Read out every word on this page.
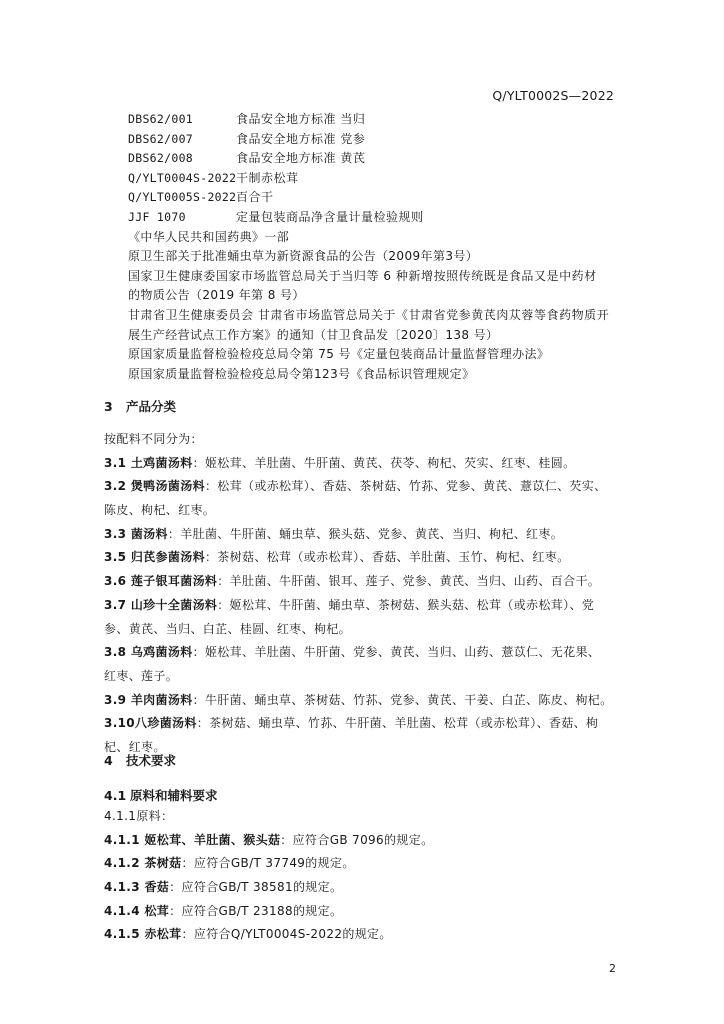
Q/YLT0002S—2022
DBS62/001	食品安全地方标准 当归
DBS62/007	食品安全地方标准 党参
DBS62/008	食品安全地方标准 黄芪
Q/YLT0004S-2022 干制赤松茸
Q/YLT0005S-2022 百合干
JJF 1070	定量包装商品净含量计量检验规则
《中华人民共和国药典》一部
原卫生部关于批准蛹虫草为新资源食品的公告（2009年第3号）
国家卫生健康委国家市场监管总局关于当归等 6 种新增按照传统既是食品又是中药材
的物质公告（2019 年第 8 号）
甘肃省卫生健康委员会 甘肃省市场监管总局关于《甘肃省党参黄芪肉苁蓉等食药物质开
展生产经营试点工作方案》的通知（甘卫食品发〔2020〕138 号）
原国家质量监督检验检疫总局令第 75 号《定量包装商品计量监督管理办法》
原国家质量监督检验检疫总局令第123号《食品标识管理规定》
3 产品分类
按配料不同分为：
3.1 土鸡菌汤料：姬松茸、羊肚菌、牛肝菌、黄芪、茯苓、枸杞、芡实、红枣、桂圆。
3.2 煲鸭汤菌汤料：松茸（或赤松茸）、香菇、茶树菇、竹荪、党参、黄芪、薏苡仁、芡实、
陈皮、枸杞、红枣。
3.3 菌汤料：羊肚菌、牛肝菌、蛹虫草、猴头菇、党参、黄芪、当归、枸杞、红枣。
3.5 归芪参菌汤料：茶树菇、松茸（或赤松茸）、香菇、羊肚菌、玉竹、枸杞、红枣。
3.6 莲子银耳菌汤料：羊肚菌、牛肝菌、银耳、莲子、党参、黄芪、当归、山药、百合干。
3.7 山珍十全菌汤料：姬松茸、牛肝菌、蛹虫草、茶树菇、猴头菇、松茸（或赤松茸）、党
参、黄芪、当归、白芷、桂圆、红枣、枸杞。
3.8 乌鸡菌汤料：姬松茸、羊肚菌、牛肝菌、党参、黄芪、当归、山药、薏苡仁、无花果、
红枣、莲子。
3.9 羊肉菌汤料：牛肝菌、蛹虫草、茶树菇、竹荪、党参、黄芪、干姜、白芷、陈皮、枸杞。
3.10八珍菌汤料：茶树菇、蛹虫草、竹荪、牛肝菌、羊肚菌、松茸（或赤松茸）、香菇、枸
杞、红枣。
4 技术要求
4.1 原料和辅料要求
4.1.1原料：
4.1.1 姬松茸、羊肚菌、猴头菇：应符合GB 7096的规定。
4.1.2 茶树菇：应符合GB/T 37749的规定。
4.1.3 香菇：应符合GB/T 38581的规定。
4.1.4 松茸：应符合GB/T 23188的规定。
4.1.5 赤松茸：应符合Q/YLT0004S-2022的规定。
2
